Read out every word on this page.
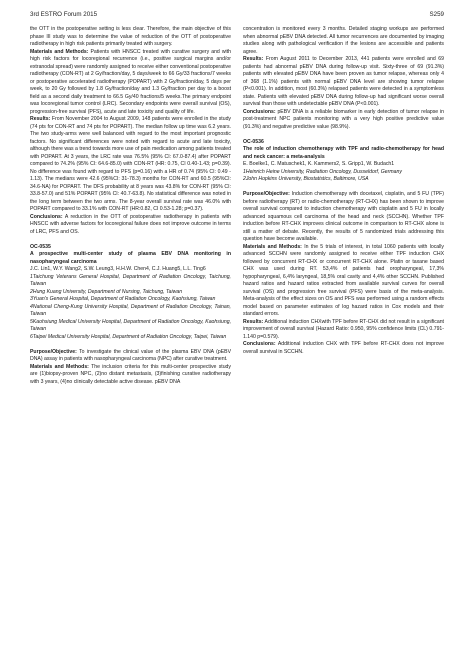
3rd ESTRO Forum 2015	S259

the OTT in the postoperative setting is less clear. Therefore, the main objective of this phase III study was to determine the value of reduction of the OTT of postoperative radiotherapy in high risk patients primarily treated with surgery.

Materials and Methods: Patients with HNSCC treated with curative surgery and with high risk factors for locoregional recurrence (i.e., positive surgical margins and/or extranodal spread) were randomly assigned to receive either conventional postoperative radiotherapy (CON-RT) at 2 Gy/fraction/day, 5 days/week to 66 Gy/33 fractions/7 weeks or postoperative accelerated radiotherapy (POPART) with 2 Gy/fraction/day, 5 days per week, to 20 Gy followed by 1.8 Gy/fraction/day and 1.3 Gy/fraction per day to a boost field as a second daily treatment to 66.5 Gy/40 fractions/5 weeks.The primary endpoint was locoregional tumor control (LRC). Secondary endpoints were overall survival (OS), progression-free survival (PFS), acute and late toxicity and quality of life.

Results: From November 2004 to August 2009, 148 patients were enrolled in the study (74 pts for CON-RT and 74 pts for POPART). The median follow up time was 6.2 years. The two study-arms were well balanced with regard to the most important prognostic factors. No significant differences were noted with regard to acute and late toxicity, although there was a trend towards more use of pain medication among patients treated with POPART. At 3 years, the LRC rate was 76.5% (95% CI: 67.0-87.4) after POPART compared to 74.2% (95% CI: 64.6-85.0) with CON-RT (HR: 0.75, CI 0.40-1.43; p=0.39). No difference was found with regard to PFS (p=0.16) with a HR of 0.74 (95% CI: 0.49 - 1.13). The medians were 42.6 (95%CI: 31-78.3) months for CON-RT and 60.5 (95%CI: 34.6-NA) for POPART. The DFS probability at 8 years was 43.8% for CON-RT (95% CI: 33.8-57.0) and 51% POPART (95% CI: 40.7-63.8). No statistical difference was noted in the long term between the two arms. The 8-year overall survival rate was 46.0% with POPART compared to 33.1% with CON-RT (HR:0.82, CI 0.53-1.28; p=0.37).

Conclusions: A reduction in the OTT of postoperative radiotherapy in patients with HNSCC with adverse factors for locoregional failure does not improve outcome in terms of LRC, PFS and OS.

OC-0535

A prospective multi-center study of plasma EBV DNA monitoring in nasopharyngeal carcinoma

J.C. Lin1, W.Y. Wang2, S.W. Leung3, H.H.W. Chen4, C.J. Huang5, L.L. Ting6

1Taichung Veterans General Hospital, Department of Radiation Oncology, Taichung, Taiwan

2Hung Kuang University, Department of Nursing, Taichung, Taiwan

3Yuan's General Hospital, Department of Radiation Oncology, Kaohsiung, Taiwan

4National Cheng-Kung University Hospital, Department of Radiation Oncology, Tainan, Taiwan

5Kaohsiung Medical University Hospital, Department of Radiation Oncology, Kaohsiung, Taiwan

6Taipei Medical University Hospital, Department of Radiation Oncology, Taipei, Taiwan

Purpose/Objective: To investigate the clinical value of the plasma EBV DNA (pEBV DNA) assay in patients with nasopharyngeal carcinoma (NPC) after curative treatment.

Materials and Methods: The inclusion criteria for this multi-center prospective study are (1)biopsy-proven NPC, (2)no distant metastasis, (3)finishing curative radiotherapy with 3 years, (4)no clinically detectable active disease. pEBV DNA

concentration is monitored every 3 months. Detailed staging workups are performed when abnormal pEBV DNA detected. All tumor recurrences are documented by imaging studies along with pathological verification if the lesions are accessible and patients agree.

Results: From August 2011 to December 2013, 441 patients were enrolled and 69 patients had abnormal pEBV DNA during follow-up visit. Sixty-three of 69 (91.3%) patients with elevated pEBV DNA have been proven as tumor relapse, whereas only 4 of 368 (1.1%) patients with normal pEBV DNA level are showing tumor relapse (P<0.001). In addition, most (60.3%) relapsed patients were detected in a symptomless state. Patients with elevated pEBV DNA during follow-up had significant worse overall survival than those with undetectable pEBV DNA (P<0.001).

Conclusions: pEBV DNA is a reliable biomarker in early detection of tumor relapse in post-treatment NPC patients monitoring with a very high positive predictive value (91.3%) and negative predictive value (98.9%).

OC-0536

The role of induction chemotherapy with TPF and radio-chemotherapy for head and neck cancer: a meta-analysis

E. Boelke1, C. Matuschek1, K. Kammers2, S. Gripp1, W. Budach1

1Heinrich Heine University, Radiation Oncology, Dusseldorf, Germany

2John Hopkins University, Biostatistics, Baltimore, USA

Purpose/Objective: Induction chemotherapy with docetaxel, cisplatin, and 5 FU (TPF) before radiotherapy (RT) or radio-chemotherapy (RT-CHX) has been shown to improve overall survival compared to induction chemotherapy with cisplatin and 5 FU in locally advanced squamous cell carcinoma of the head and neck (SCCHN). Whether TPF induction before RT-CHX improves clinical outcome in comparison to RT-CHX alone is still a matter of debate. Recently, the results of 5 randomized trials addressing this question have become available.

Materials and Methods: In the 5 trials of interest, in total 1060 patients with locally advanced SCCHN were randomly assigned to receive either TPF induction CHX followed by concurrent RT-CHX or concurrent RT-CHX alone. Platin or taxane based CHX was used during RT. 53,4% of patients had oropharyngeal, 17,3% hypopharyngeal, 6,4% laryngeal, 18,5% oral cavity and 4,4% other SCCHN. Published hazard ratios and hazard ratios extracted from available survival curves for overall survival (OS) and progression free survival (PFS) were basis of the meta-analysis. Meta-analysis of the effect sizes on OS and PFS was performed using a random effects model based on parameter estimates of log hazard ratios in Cox models and their standard errors.

Results: Additional induction CHXwith TPF before RT-CHX did not result in a significant improvement of overall survival (Hazard Ratio: 0.950, 95% confidence limits (CL) 0.791-1.140 p=0.579).

Conclusions: Additional induction CHX with TPF before RT-CHX does not improve overall survival in SCCHN.
